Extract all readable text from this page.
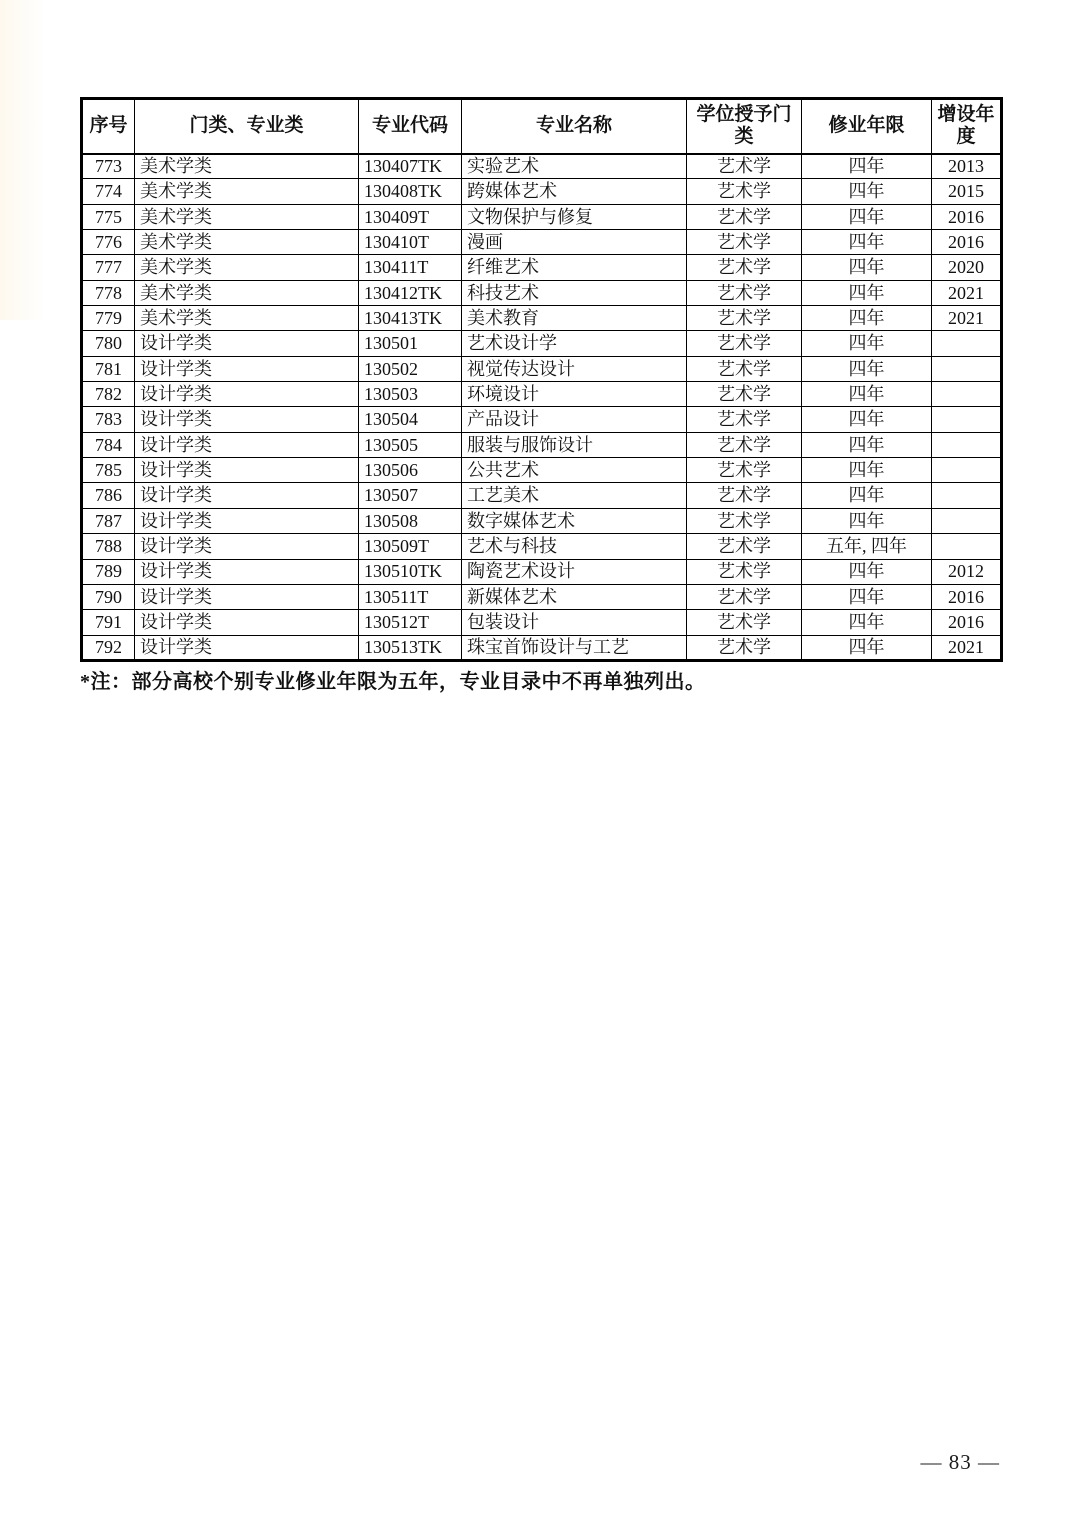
序号	门类、专业类	专业代码	专业名称	学位授予门类	修业年限	增设年度
773	美术学类	130407TK	实验艺术	艺术学	四年	2013
774	美术学类	130408TK	跨媒体艺术	艺术学	四年	2015
775	美术学类	130409T	文物保护与修复	艺术学	四年	2016
776	美术学类	130410T	漫画	艺术学	四年	2016
777	美术学类	130411T	纤维艺术	艺术学	四年	2020
778	美术学类	130412TK	科技艺术	艺术学	四年	2021
779	美术学类	130413TK	美术教育	艺术学	四年	2021
780	设计学类	130501	艺术设计学	艺术学	四年	
781	设计学类	130502	视觉传达设计	艺术学	四年	
782	设计学类	130503	环境设计	艺术学	四年	
783	设计学类	130504	产品设计	艺术学	四年	
784	设计学类	130505	服装与服饰设计	艺术学	四年	
785	设计学类	130506	公共艺术	艺术学	四年	
786	设计学类	130507	工艺美术	艺术学	四年	
787	设计学类	130508	数字媒体艺术	艺术学	四年	
788	设计学类	130509T	艺术与科技	艺术学	五年, 四年	
789	设计学类	130510TK	陶瓷艺术设计	艺术学	四年	2012
790	设计学类	130511T	新媒体艺术	艺术学	四年	2016
791	设计学类	130512T	包装设计	艺术学	四年	2016
792	设计学类	130513TK	珠宝首饰设计与工艺	艺术学	四年	2021

*注：部分高校个别专业修业年限为五年，专业目录中不再单独列出。

— 83 —
